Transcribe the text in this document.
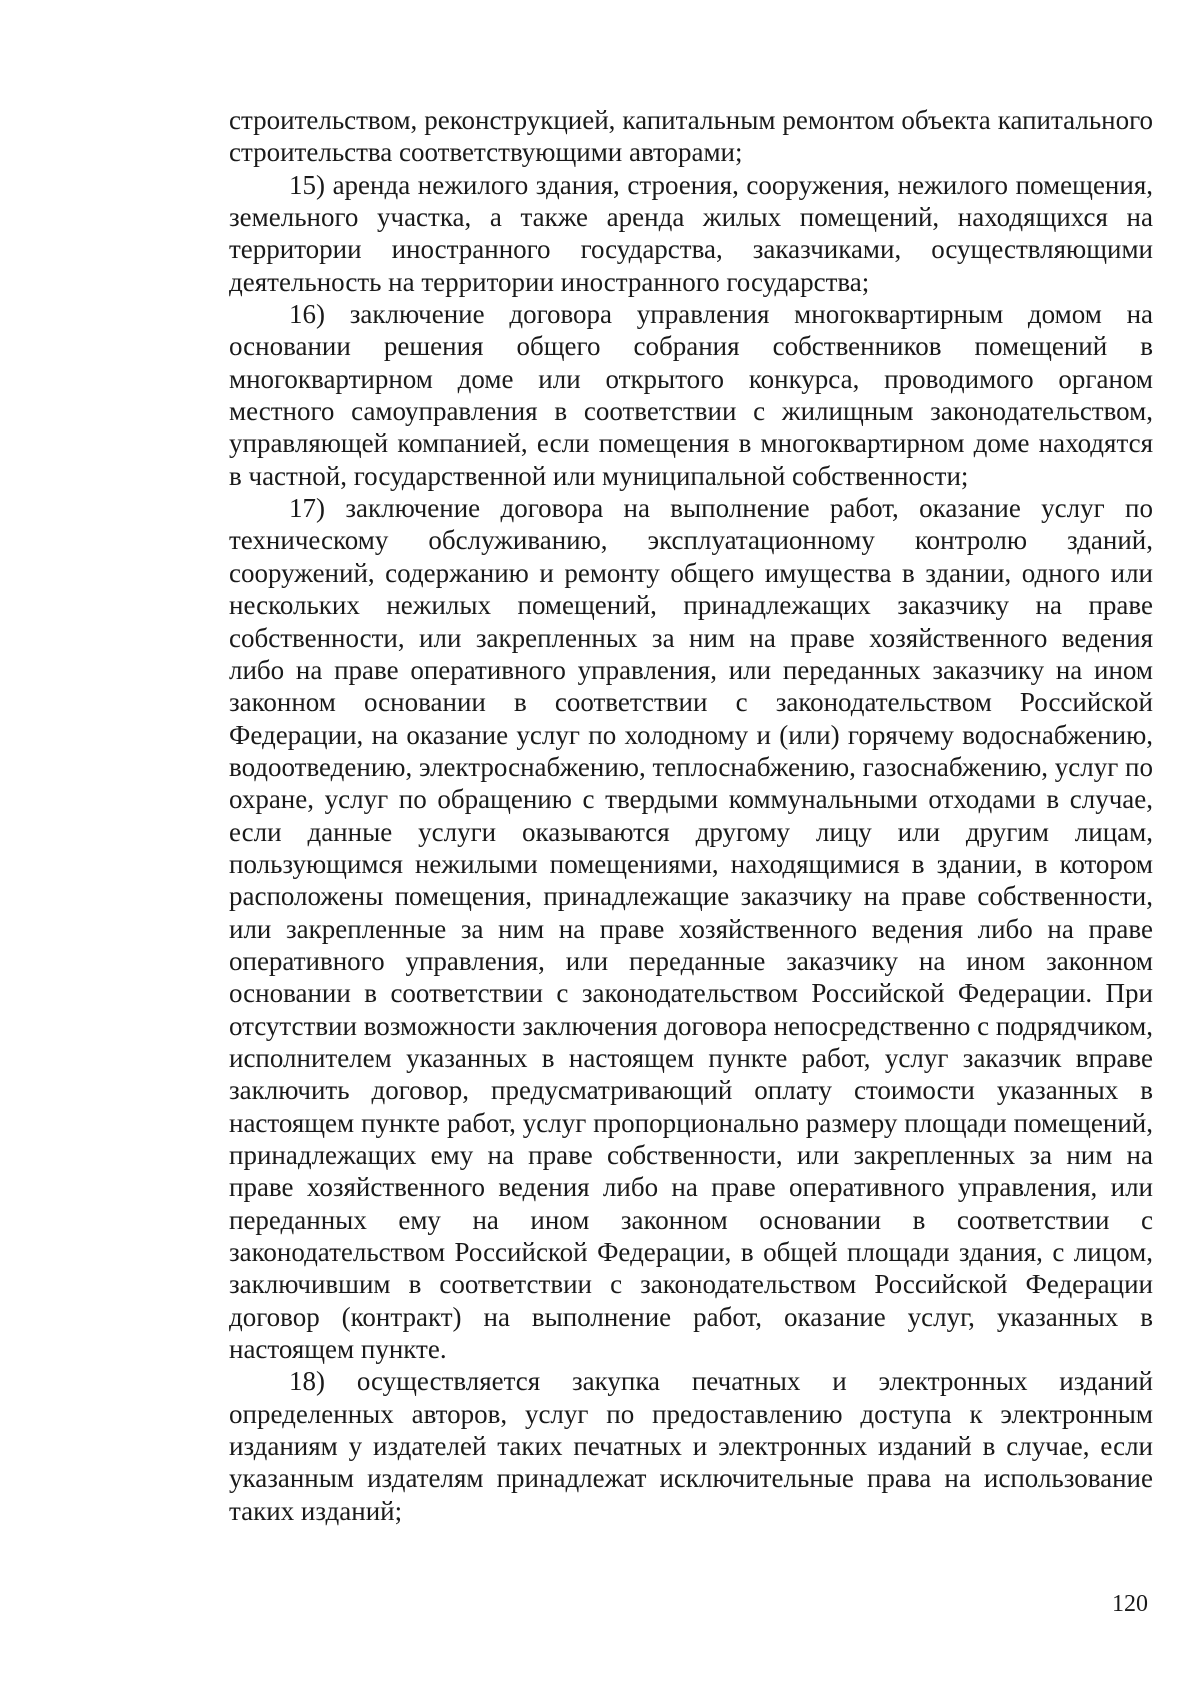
строительством, реконструкцией, капитальным ремонтом объекта капитального строительства соответствующими авторами;

15) аренда нежилого здания, строения, сооружения, нежилого помещения, земельного участка, а также аренда жилых помещений, находящихся на территории иностранного государства, заказчиками, осуществляющими деятельность на территории иностранного государства;

16) заключение договора управления многоквартирным домом на основании решения общего собрания собственников помещений в многоквартирном доме или открытого конкурса, проводимого органом местного самоуправления в соответствии с жилищным законодательством, управляющей компанией, если помещения в многоквартирном доме находятся в частной, государственной или муниципальной собственности;

17) заключение договора на выполнение работ, оказание услуг по техническому обслуживанию, эксплуатационному контролю зданий, сооружений, содержанию и ремонту общего имущества в здании, одного или нескольких нежилых помещений, принадлежащих заказчику на праве собственности, или закрепленных за ним на праве хозяйственного ведения либо на праве оперативного управления, или переданных заказчику на ином законном основании в соответствии с законодательством Российской Федерации, на оказание услуг по холодному и (или) горячему водоснабжению, водоотведению, электроснабжению, теплоснабжению, газоснабжению, услуг по охране, услуг по обращению с твердыми коммунальными отходами в случае, если данные услуги оказываются другому лицу или другим лицам, пользующимся нежилыми помещениями, находящимися в здании, в котором расположены помещения, принадлежащие заказчику на праве собственности, или закрепленные за ним на праве хозяйственного ведения либо на праве оперативного управления, или переданные заказчику на ином законном основании в соответствии с законодательством Российской Федерации. При отсутствии возможности заключения договора непосредственно с подрядчиком, исполнителем указанных в настоящем пункте работ, услуг заказчик вправе заключить договор, предусматривающий оплату стоимости указанных в настоящем пункте работ, услуг пропорционально размеру площади помещений, принадлежащих ему на праве собственности, или закрепленных за ним на праве хозяйственного ведения либо на праве оперативного управления, или переданных ему на ином законном основании в соответствии с законодательством Российской Федерации, в общей площади здания, с лицом, заключившим в соответствии с законодательством Российской Федерации договор (контракт) на выполнение работ, оказание услуг, указанных в настоящем пункте.

18) осуществляется закупка печатных и электронных изданий определенных авторов, услуг по предоставлению доступа к электронным изданиям у издателей таких печатных и электронных изданий в случае, если указанным издателям принадлежат исключительные права на использование таких изданий;

120
